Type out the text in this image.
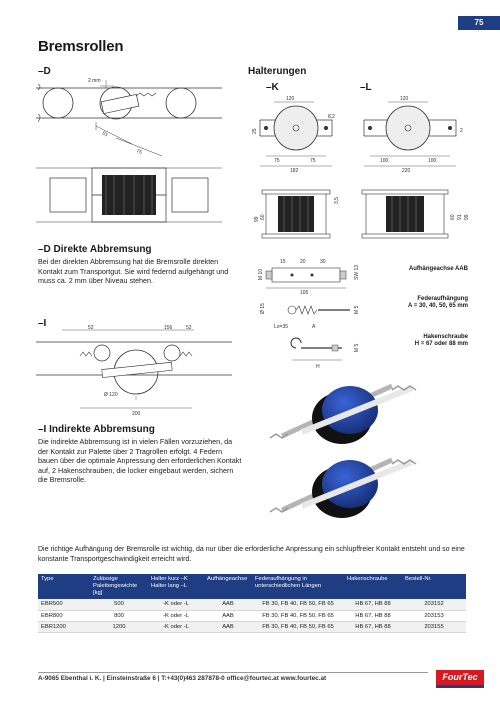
75
Bremsrollen
–D
2 mm
81
75
–D Direkte Abbremsung
Bei der direkten Abbremsung hat die Bremsrolle direkten Kontakt zum Transportgut. Sie wird federnd aufgehängt und muss ca. 2 mm über Niveau stehen.
–I	52	156	52
Ø 120
200
–I Indirekte Abbremsung
Die indirekte Abbremsung ist in vielen Fällen vorzuziehen, da der Kontakt zur Palette über 2 Tragrollen erfolgt. 4 Federn bauen über die optimale Anpressung den erforderlichen Kontakt auf, 2 Hakenschrauben, die locker eingebaut werden, sichern die Bremsrolle.
Halterungen
–K	–L
120
25
8,2
75	75
182
120
2
100	100
220
99 60
3,5
60 91 99
15	20	30
M 10	SW 13
105
Ø 15
Lo=35	A
M 5
M 5
H
Aufhängeachse AAB
Federaufhängung
A = 30, 40, 50, 65 mm
Hakenschraube
H = 67 oder 88 mm
Die richtige Aufhängung der Bremsrolle ist wichtig, da nur über die erforderliche Anpressung ein schlupffreier Kontakt entsteht und so eine konstante Transportgeschwindigkeit erreicht wird.
Type	Zulässige Palettengewichte [kg]	Halter kurz –K Halter lang –L	Aufhängeachse	Federaufhängung in unterschiedlichen Längen	Hakenschraube	Bestell-Nr.
EBR500	500	-K oder -L	AAB	FB 30, FB 40, FB 50, FB 65	HB 67, HB 88	203152
EBR800	800	-K oder -L	AAB	FB 30, FB 40, FB 50, FB 65	HB 67, HB 88	203153
EBR1200	1200	-K oder -L	AAB	FB 30, FB 40, FB 50, FB 65	HB 67, HB 88	203155
A-9065 Ebenthal i. K. | Einsteinstraße 6 | T:+43(0)463 287878-0 office@fourtec.at www.fourtec.at	FourTec
